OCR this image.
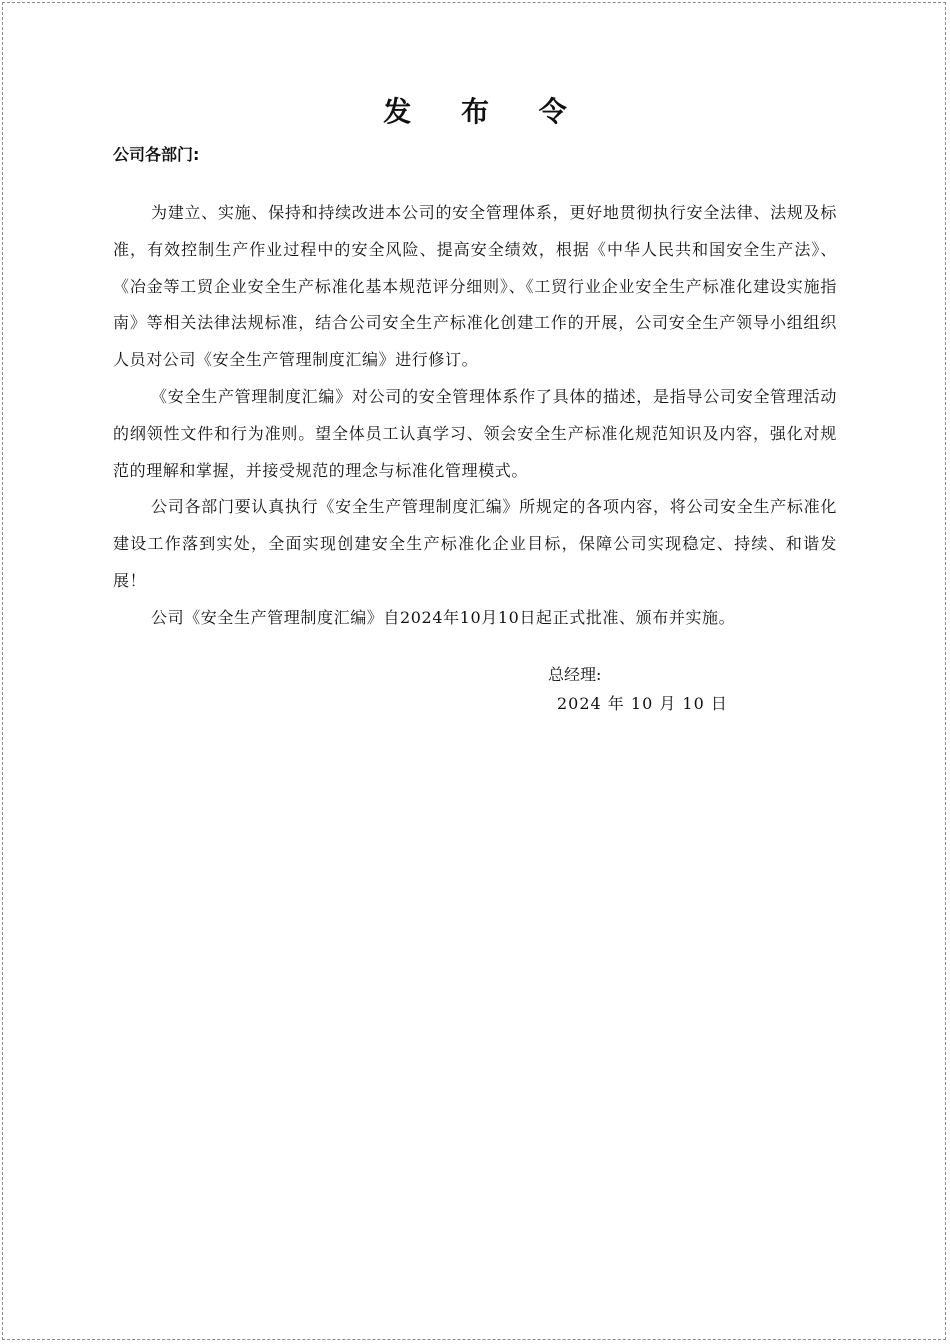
发 布 令
公司各部门:

为建立、实施、保持和持续改进本公司的安全管理体系，更好地贯彻执行安全法律、法规及标准，有效控制生产作业过程中的安全风险、提高安全绩效，根据《中华人民共和国安全生产法》、《冶金等工贸企业安全生产标准化基本规范评分细则》、《工贸行业企业安全生产标准化建设实施指南》等相关法律法规标准，结合公司安全生产标准化创建工作的开展，公司安全生产领导小组组织人员对公司《安全生产管理制度汇编》进行修订。

《安全生产管理制度汇编》对公司的安全管理体系作了具体的描述，是指导公司安全管理活动的纲领性文件和行为准则。望全体员工认真学习、领会安全生产标准化规范知识及内容，强化对规范的理解和掌握，并接受规范的理念与标准化管理模式。

公司各部门要认真执行《安全生产管理制度汇编》所规定的各项内容，将公司安全生产标准化建设工作落到实处，全面实现创建安全生产标准化企业目标，保障公司实现稳定、持续、和谐发展！

公司《安全生产管理制度汇编》自2024年10月10日起正式批准、颁布并实施。

总经理:
2024 年 10 月 10 日
